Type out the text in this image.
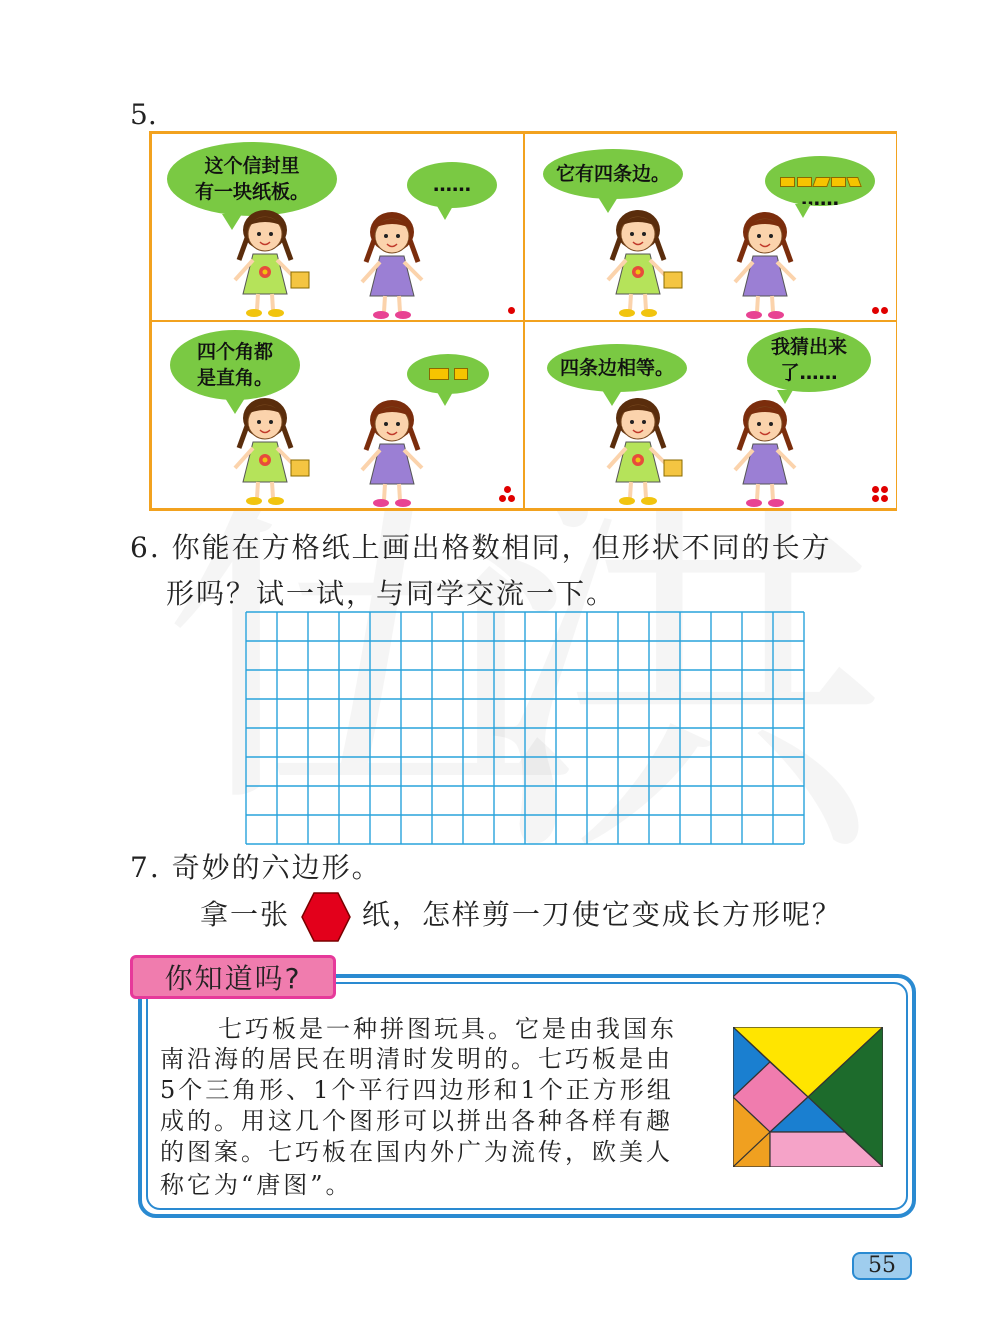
5.
这个信封里
有一块纸板。	……	它有四条边。

……
四个角都
是直角。	四条边相等。
我猜出来
了……
6. 你能在方格纸上画出格数相同，但形状不同的长方
形吗？试一试，与同学交流一下。
7. 奇妙的六边形。
拿一张	纸，怎样剪一刀使它变成长方形呢？
你知道吗?
七巧板是一种拼图玩具。它是由我国东
南沿海的居民在明清时发明的。七巧板是由
5个三角形、1个平行四边形和1个正方形组
成的。用这几个图形可以拼出各种各样有趣
的图案。七巧板在国内外广为流传，欧美人
称它为“唐图”。
55
